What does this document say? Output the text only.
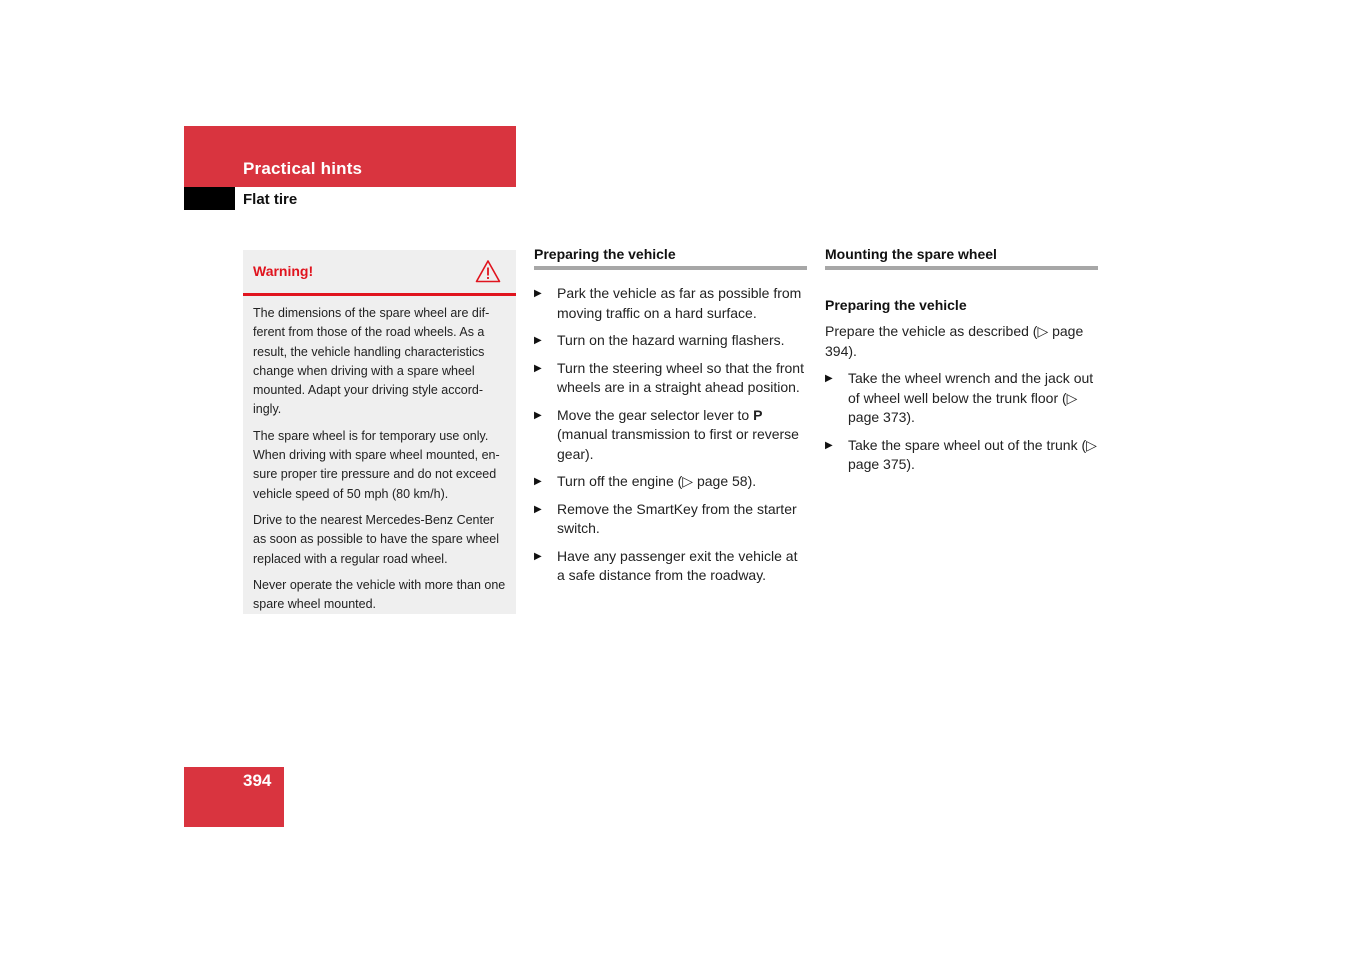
Practical hints
Flat tire
Warning!

The dimensions of the spare wheel are dif-ferent from those of the road wheels. As a result, the vehicle handling characteristics change when driving with a spare wheel mounted. Adapt your driving style accord-ingly.

The spare wheel is for temporary use only. When driving with spare wheel mounted, en-sure proper tire pressure and do not exceed vehicle speed of 50 mph (80 km/h).

Drive to the nearest Mercedes-Benz Center as soon as possible to have the spare wheel replaced with a regular road wheel.

Never operate the vehicle with more than one spare wheel mounted.

Preparing the vehicle
▶ Park the vehicle as far as possible from moving traffic on a hard surface.
▶ Turn on the hazard warning flashers.
▶ Turn the steering wheel so that the front wheels are in a straight ahead position.
▶ Move the gear selector lever to P (manual transmission to first or reverse gear).
▶ Turn off the engine (▷ page 58).
▶ Remove the SmartKey from the starter switch.
▶ Have any passenger exit the vehicle at a safe distance from the roadway.
Mounting the spare wheel
Preparing the vehicle

Prepare the vehicle as described (▷ page 394).

▶ Take the wheel wrench and the jack out of wheel well below the trunk floor (▷ page 373).
▶ Take the spare wheel out of the trunk (▷ page 375).
394
